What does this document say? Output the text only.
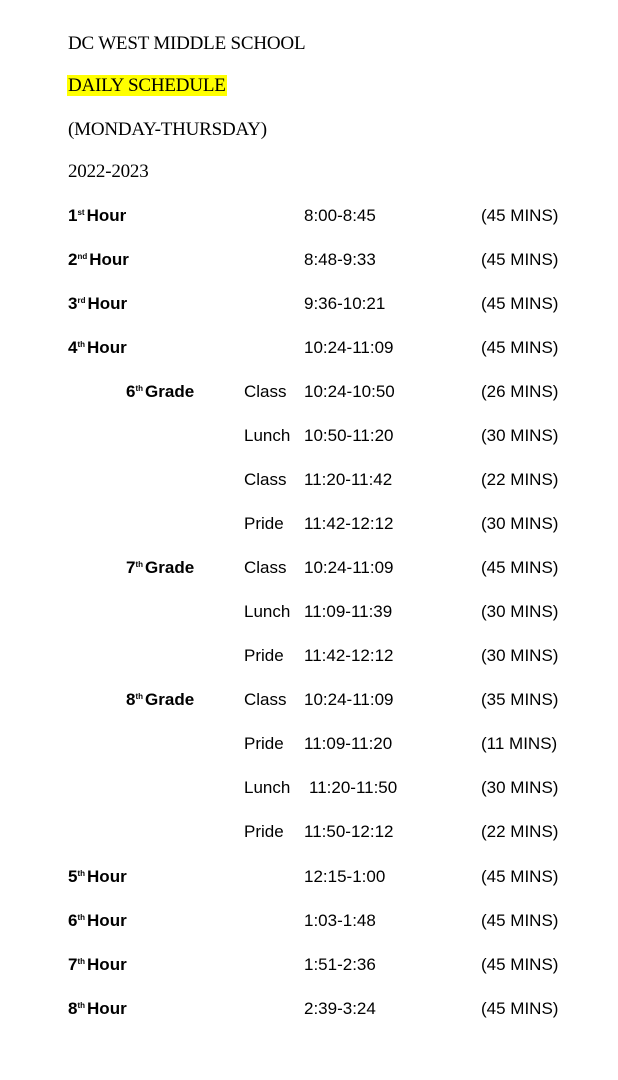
DC WEST MIDDLE SCHOOL
DAILY SCHEDULE
(MONDAY-THURSDAY)
2022-2023
1st Hour	8:00-8:45	(45 MINS)
2nd Hour	8:48-9:33	(45 MINS)
3rd Hour	9:36-10:21	(45 MINS)
4th Hour	10:24-11:09	(45 MINS)
6th Grade	Class 10:24-10:50	(26 MINS)
Lunch 10:50-11:20	(30 MINS)
Class 11:20-11:42	(22 MINS)
Pride 11:42-12:12	(30 MINS)
7th Grade	Class 10:24-11:09	(45 MINS)
Lunch 11:09-11:39	(30 MINS)
Pride 11:42-12:12	(30 MINS)
8th Grade	Class 10:24-11:09	(35 MINS)
Pride 11:09-11:20	(11 MINS)
Lunch 11:20-11:50	(30 MINS)
Pride 11:50-12:12	(22 MINS)
5th Hour	12:15-1:00	(45 MINS)
6th Hour	1:03-1:48	(45 MINS)
7th Hour	1:51-2:36	(45 MINS)
8th Hour	2:39-3:24	(45 MINS)
